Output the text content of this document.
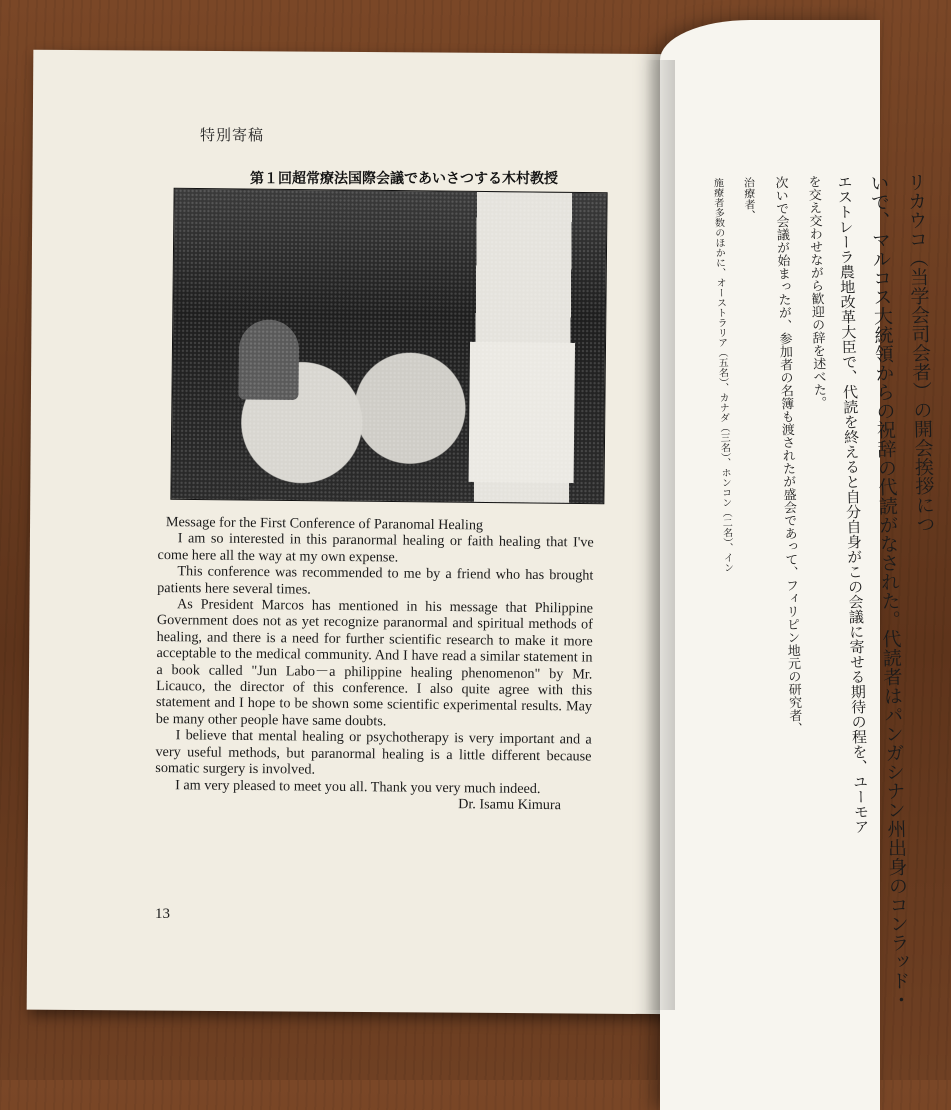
リカウコ（当学会司会者）の開会挨拶につ
いで、マルコス大統領からの祝辞の代読がなされた。代読者はパンガシナン州出身のコンラッド・
エストレーラ農地改革大臣で、代読を終えると自分自身がこの会議に寄せる期待の程を、ユーモア
を交え交わせながら歓迎の辞を述べた。
次いで会議が始まったが、参加者の名簿も渡されたが盛会であって、フィリピン地元の研究者、
治療者、
施療者多数のほかに、オーストラリア（五名）、カナダ（三名）、ホンコン（二名）、イン
特別寄稿
第１回超常療法国際会議であいさつする木村教授

Message for the First Conference of Paranomal Healing

I am so interested in this paranormal healing or faith healing that I've come here all the way at my own expense.

This conference was recommended to me by a friend who has brought patients here several times.

As President Marcos has mentioned in his message that Philippine Government does not as yet recognize paranormal and spiritual methods of healing, and there is a need for further scientific research to make it more acceptable to the medical community. And I have read a similar statement in a book called "Jun Labo－a philippine healing phenomenon" by Mr. Licauco, the director of this conference. I also quite agree with this statement and I hope to be shown some scientific experimental results. May be many other people have same doubts.

I believe that mental healing or psychotherapy is very important and a very useful methods, but paranormal healing is a little different because somatic surgery is involved.

I am very pleased to meet you all. Thank you very much indeed.

Dr. Isamu Kimura

13
